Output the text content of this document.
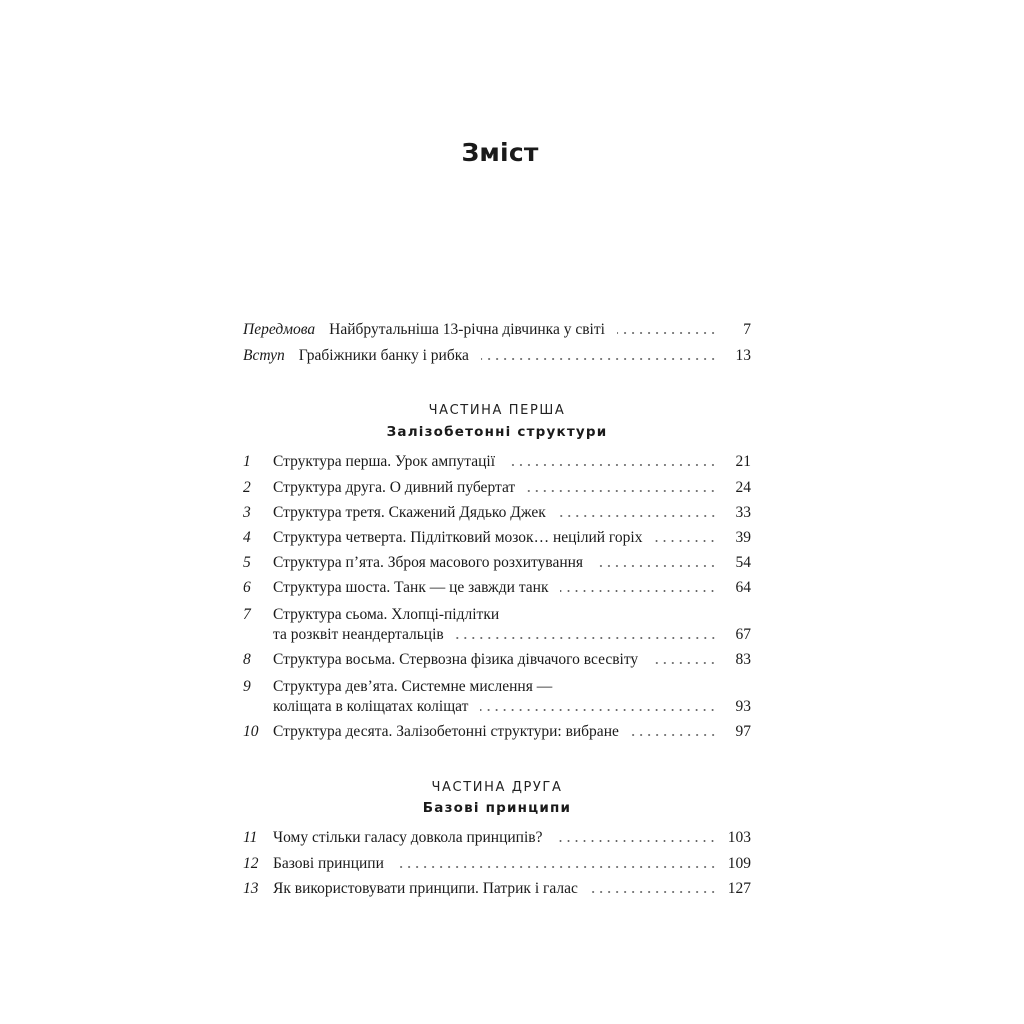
Зміст
Передмова Найбрутальніша 13-річна дівчинка у світі	7
Вступ Грабіжники банку і рибка	13
ЧАСТИНА ПЕРША
Залізобетонні структури
1	Структура перша. Урок ампутації	21
2	Структура друга. О дивний пубертат	24
3	Структура третя. Скажений Дядько Джек	33
4	Структура четверта. Підлітковий мозок… нецілий горіх	39
5	Структура п’ята. Зброя масового розхитування	54
6	Структура шоста. Танк — це завжди танк	64
7	Структура сьома. Хлопці-підлітки
та розквіт неандертальців	67
8	Структура восьма. Стервозна фізика дівчачого всесвіту	83
9	Структура дев’ята. Системне мислення —
коліщата в коліщатах коліщат	93
10 Структура десята. Залізобетонні структури: вибране	97
ЧАСТИНА ДРУГА
Базові принципи
11	Чому стільки галасу довкола принципів?	103
12 Базові принципи	109
13 Як використовувати принципи. Патрик і галас	127
